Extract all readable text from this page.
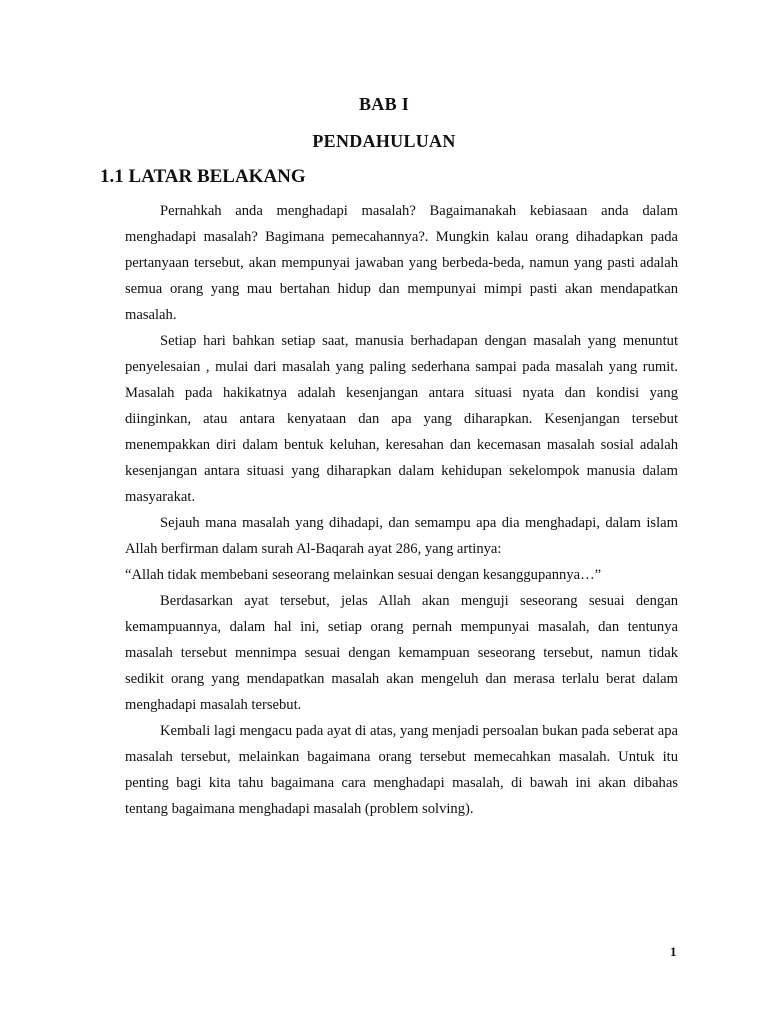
BAB I
PENDAHULUAN
1.1 LATAR BELAKANG

Pernahkah anda menghadapi masalah? Bagaimanakah kebiasaan anda dalam menghadapi masalah? Bagimana pemecahannya?. Mungkin kalau orang dihadapkan pada pertanyaan tersebut, akan mempunyai jawaban yang berbeda-beda, namun yang pasti adalah semua orang yang mau bertahan hidup dan mempunyai mimpi pasti akan mendapatkan masalah.

Setiap hari bahkan setiap saat, manusia berhadapan dengan masalah yang menuntut penyelesaian , mulai dari masalah yang paling sederhana sampai pada masalah yang rumit. Masalah pada hakikatnya adalah kesenjangan antara situasi nyata dan kondisi yang diinginkan, atau antara kenyataan dan apa yang diharapkan. Kesenjangan tersebut menempakkan diri dalam bentuk keluhan, keresahan dan kecemasan masalah sosial adalah kesenjangan antara situasi yang diharapkan dalam kehidupan sekelompok manusia dalam masyarakat.

Sejauh mana masalah yang dihadapi, dan semampu apa dia menghadapi, dalam islam Allah berfirman dalam surah Al-Baqarah ayat 286, yang artinya:

“Allah tidak membebani seseorang melainkan sesuai dengan kesanggupannya…”

Berdasarkan ayat tersebut, jelas Allah akan menguji seseorang sesuai dengan kemampuannya, dalam hal ini, setiap orang pernah mempunyai masalah, dan tentunya masalah tersebut mennimpa sesuai dengan kemampuan seseorang tersebut, namun tidak sedikit orang yang mendapatkan masalah akan mengeluh dan merasa terlalu berat dalam menghadapi masalah tersebut.

Kembali lagi mengacu pada ayat di atas, yang menjadi persoalan bukan pada seberat apa masalah tersebut, melainkan bagaimana orang tersebut memecahkan masalah. Untuk itu penting bagi kita tahu bagaimana cara menghadapi masalah, di bawah ini akan dibahas tentang bagaimana menghadapi masalah (problem solving).

1
